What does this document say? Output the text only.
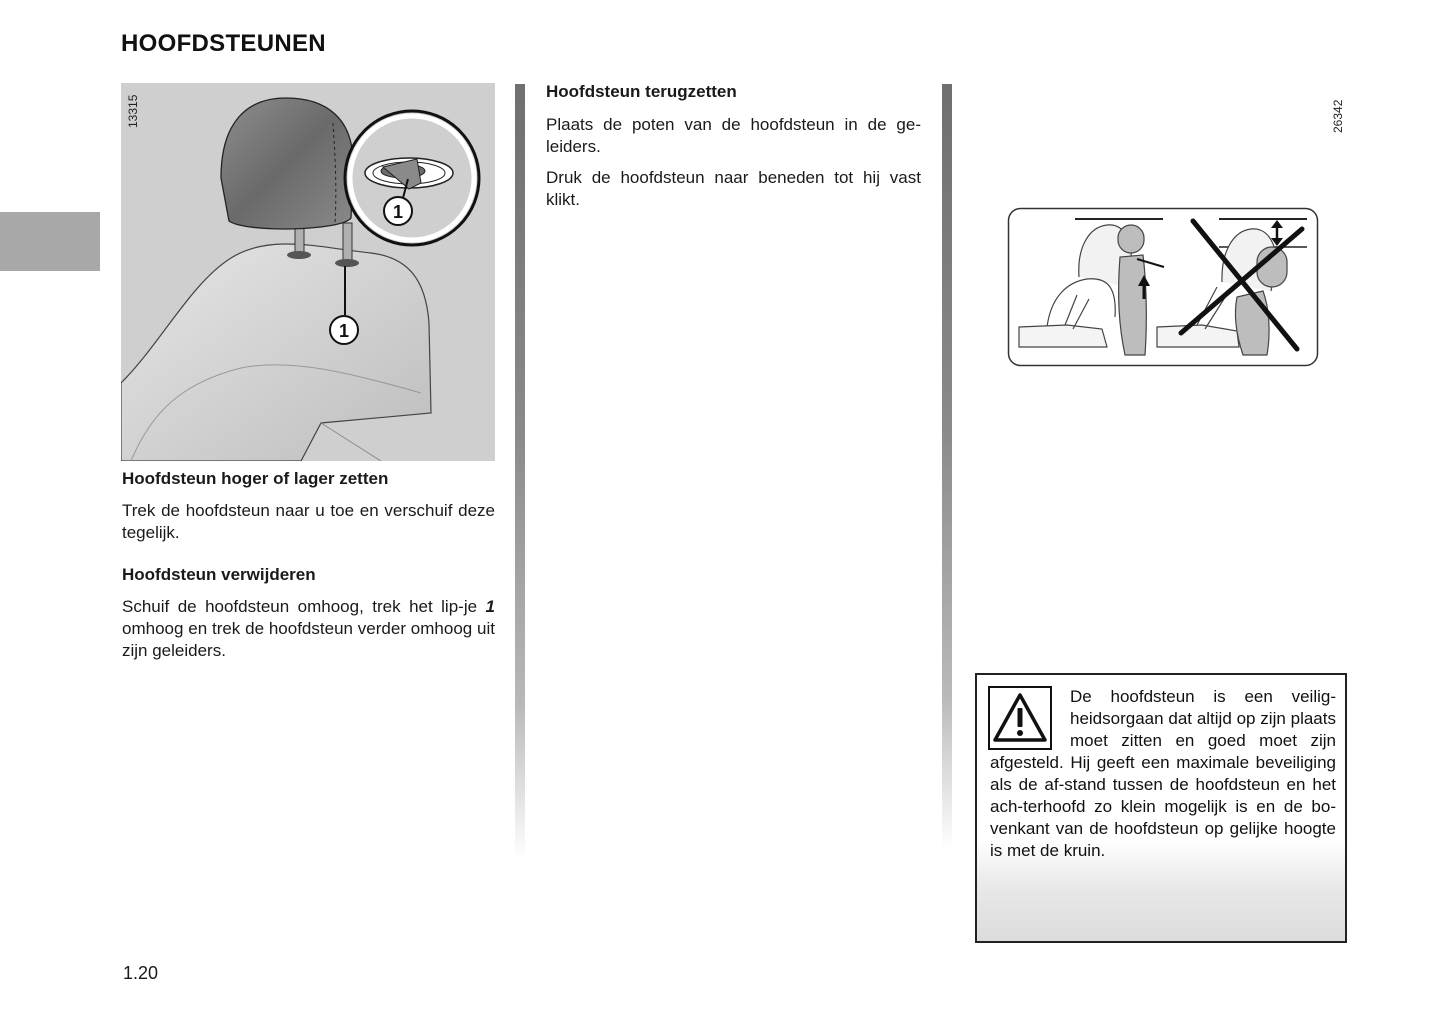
HOOFDSTEUNEN
1
1
13315
Hoofdsteun hoger of lager zetten

Trek de hoofdsteun naar u toe en verschuif deze tegelijk.

Hoofdsteun verwijderen

Schuif de hoofdsteun omhoog, trek het lip-je 1 omhoog en trek de hoofdsteun verder omhoog uit zijn geleiders.

Hoofdsteun terugzetten

Plaats de poten van de hoofdsteun in de ge-leiders.

Druk de hoofdsteun naar beneden tot hij vast klikt.

26342

De hoofdsteun is een veilig-heidsorgaan dat altijd op zijn plaats moet zitten en goed moet zijn afgesteld. Hij geeft een maximale beveiliging als de af-stand tussen de hoofdsteun en het ach-terhoofd zo klein mogelijk is en de bo-venkant van de hoofdsteun op gelijke hoogte is met de kruin.

1.20
